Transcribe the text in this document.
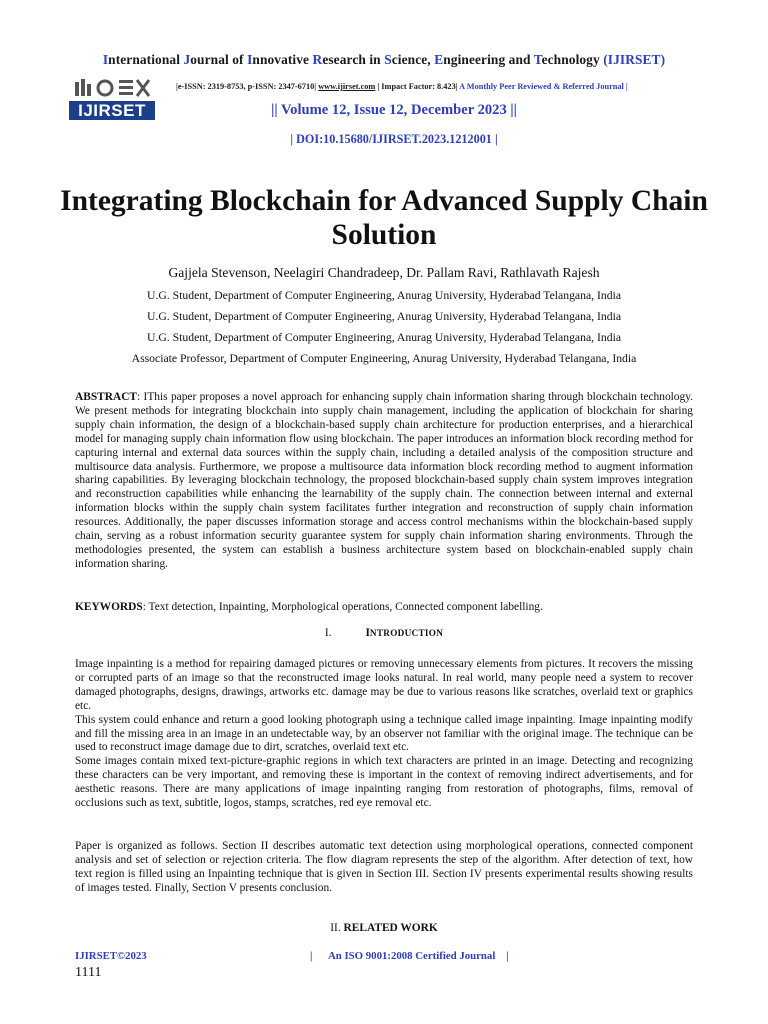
International Journal of Innovative Research in Science, Engineering and Technology (IJIRSET)
IJIRSET
|e-ISSN: 2319-8753, p-ISSN: 2347-6710| www.ijirset.com | Impact Factor: 8.423| A Monthly Peer Reviewed & Referred Journal |
|| Volume 12, Issue 12, December 2023 ||
| DOI:10.15680/IJIRSET.2023.1212001 |
Integrating Blockchain for Advanced Supply Chain Solution
Gajjela Stevenson, Neelagiri Chandradeep, Dr. Pallam Ravi, Rathlavath Rajesh
U.G. Student, Department of Computer Engineering, Anurag University, Hyderabad Telangana, India
U.G. Student, Department of Computer Engineering, Anurag University, Hyderabad Telangana, India
U.G. Student, Department of Computer Engineering, Anurag University, Hyderabad Telangana, India
Associate Professor, Department of Computer Engineering, Anurag University, Hyderabad Telangana, India

ABSTRACT: IThis paper proposes a novel approach for enhancing supply chain information sharing through blockchain technology. We present methods for integrating blockchain into supply chain management, including the application of blockchain for sharing supply chain information, the design of a blockchain-based supply chain architecture for production enterprises, and a hierarchical model for managing supply chain information flow using blockchain. The paper introduces an information block recording method for capturing internal and external data sources within the supply chain, including a detailed analysis of the composition structure and multisource data analysis. Furthermore, we propose a multisource data information block recording method to augment information sharing capabilities. By leveraging blockchain technology, the proposed blockchain-based supply chain system improves integration and reconstruction capabilities while enhancing the learnability of the supply chain. The connection between internal and external information blocks within the supply chain system facilitates further integration and reconstruction of supply chain information resources. Additionally, the paper discusses information storage and access control mechanisms within the blockchain-based supply chain, serving as a robust information security guarantee system for supply chain information sharing environments. Through the methodologies presented, the system can establish a business architecture system based on blockchain-enabled supply chain information sharing.

KEYWORDS: Text detection, Inpainting, Morphological operations, Connected component labelling.

I.	INTRODUCTION

Image inpainting is a method for repairing damaged pictures or removing unnecessary elements from pictures. It recovers the missing or corrupted parts of an image so that the reconstructed image looks natural. In real world, many people need a system to recover damaged photographs, designs, drawings, artworks etc. damage may be due to various reasons like scratches, overlaid text or graphics etc.

This system could enhance and return a good looking photograph using a technique called image inpainting. Image inpainting modify and fill the missing area in an image in an undetectable way, by an observer not familiar with the original image. The technique can be used to reconstruct image damage due to dirt, scratches, overlaid text etc.

Some images contain mixed text-picture-graphic regions in which text characters are printed in an image. Detecting and recognizing these characters can be very important, and removing these is important in the context of removing indirect advertisements, and for aesthetic reasons. There are many applications of image inpainting ranging from restoration of photographs, films, removal of occlusions such as text, subtitle, logos, stamps, scratches, red eye removal etc.

Paper is organized as follows. Section II describes automatic text detection using morphological operations, connected component analysis and set of selection or rejection criteria. The flow diagram represents the step of the algorithm. After detection of text, how text region is filled using an Inpainting technique that is given in Section III. Section IV presents experimental results showing results of images tested. Finally, Section V presents conclusion.

II. RELATED WORK
IJIRSET©2023	|      An ISO 9001:2008 Certified Journal    |
1111
